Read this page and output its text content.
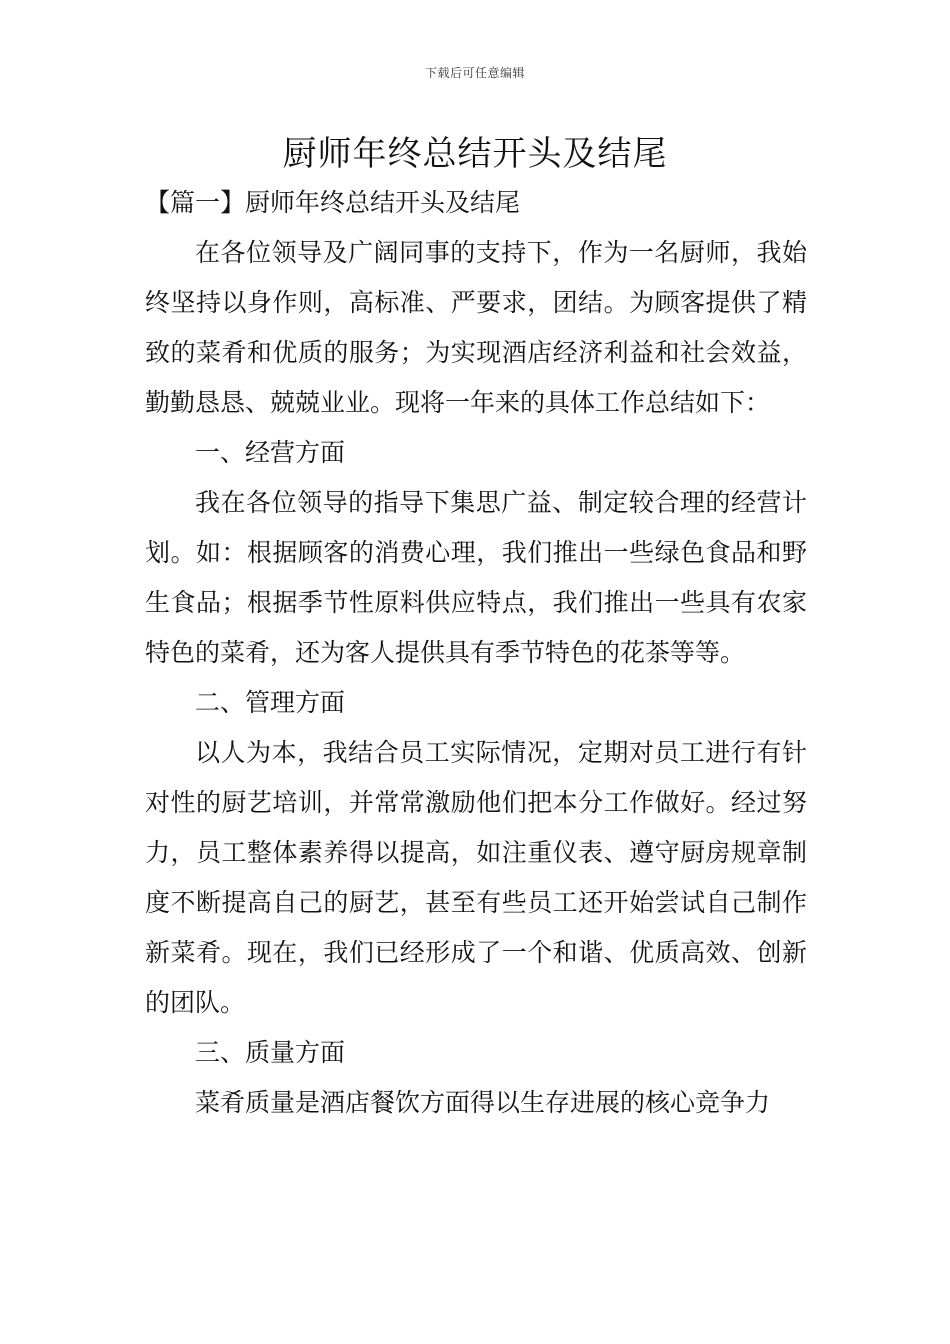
下载后可任意编辑
厨师年终总结开头及结尾

【篇一】厨师年终总结开头及结尾

在各位领导及广阔同事的支持下，作为一名厨师，我始终坚持以身作则，高标准、严要求，团结。为顾客提供了精致的菜肴和优质的服务；为实现酒店经济利益和社会效益，勤勤恳恳、兢兢业业。现将一年来的具体工作总结如下：

一、经营方面

我在各位领导的指导下集思广益、制定较合理的经营计划。如：根据顾客的消费心理，我们推出一些绿色食品和野生食品；根据季节性原料供应特点，我们推出一些具有农家特色的菜肴，还为客人提供具有季节特色的花茶等等。

二、管理方面

以人为本，我结合员工实际情况，定期对员工进行有针对性的厨艺培训，并常常激励他们把本分工作做好。经过努力，员工整体素养得以提高，如注重仪表、遵守厨房规章制度不断提高自己的厨艺，甚至有些员工还开始尝试自己制作新菜肴。现在，我们已经形成了一个和谐、优质高效、创新的团队。

三、质量方面

菜肴质量是酒店餐饮方面得以生存进展的核心竞争力
